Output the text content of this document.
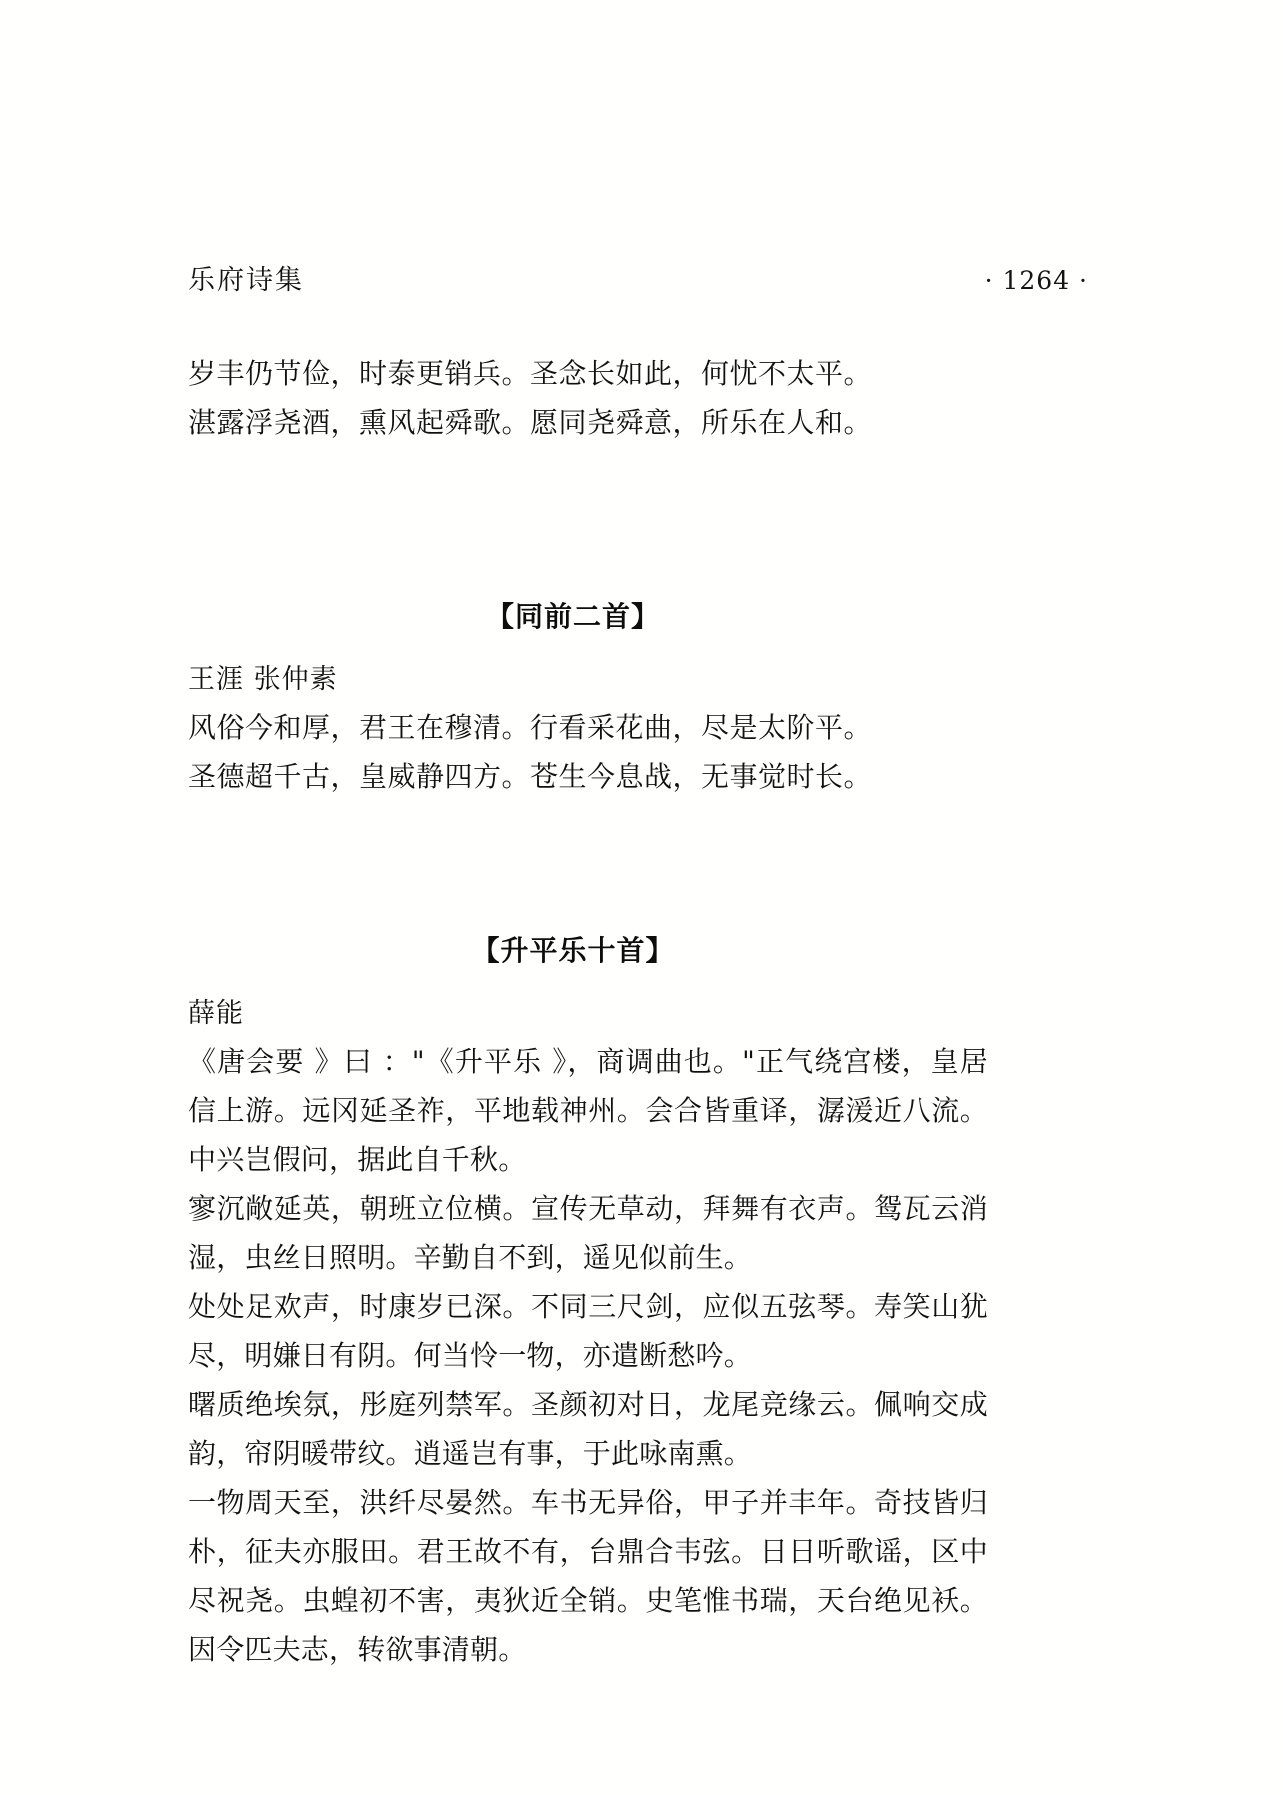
乐府诗集	· 1264 ·
岁丰仍节俭，时泰更销兵。圣念长如此，何忧不太平。
湛露浮尧酒，熏风起舜歌。愿同尧舜意，所乐在人和。
【同前二首】
王涯 张仲素
风俗今和厚，君王在穆清。行看采花曲，尽是太阶平。
圣德超千古，皇威静四方。苍生今息战，无事觉时长。
【升平乐十首】
薛能
《唐会要 》曰 ："《升平乐 》，商调曲也。"正气绕宫楼，皇居信上游。远冈延圣祚，平地载神州。会合皆重译，潺湲近八流。中兴岂假问，据此自千秋。
寥沉敞延英，朝班立位横。宣传无草动，拜舞有衣声。鸳瓦云消湿，虫丝日照明。辛勤自不到，遥见似前生。
处处足欢声，时康岁已深。不同三尺剑，应似五弦琴。寿笑山犹尽，明嫌日有阴。何当怜一物，亦遣断愁吟。
曙质绝埃氛，彤庭列禁军。圣颜初对日，龙尾竞缘云。佩响交成韵，帘阴暖带纹。逍遥岂有事，于此咏南熏。
一物周天至，洪纤尽晏然。车书无异俗，甲子并丰年。奇技皆归朴，征夫亦服田。君王故不有，台鼎合韦弦。日日听歌谣，区中尽祝尧。虫蝗初不害，夷狄近全销。史笔惟书瑞，天台绝见袄。因令匹夫志，转欲事清朝。
